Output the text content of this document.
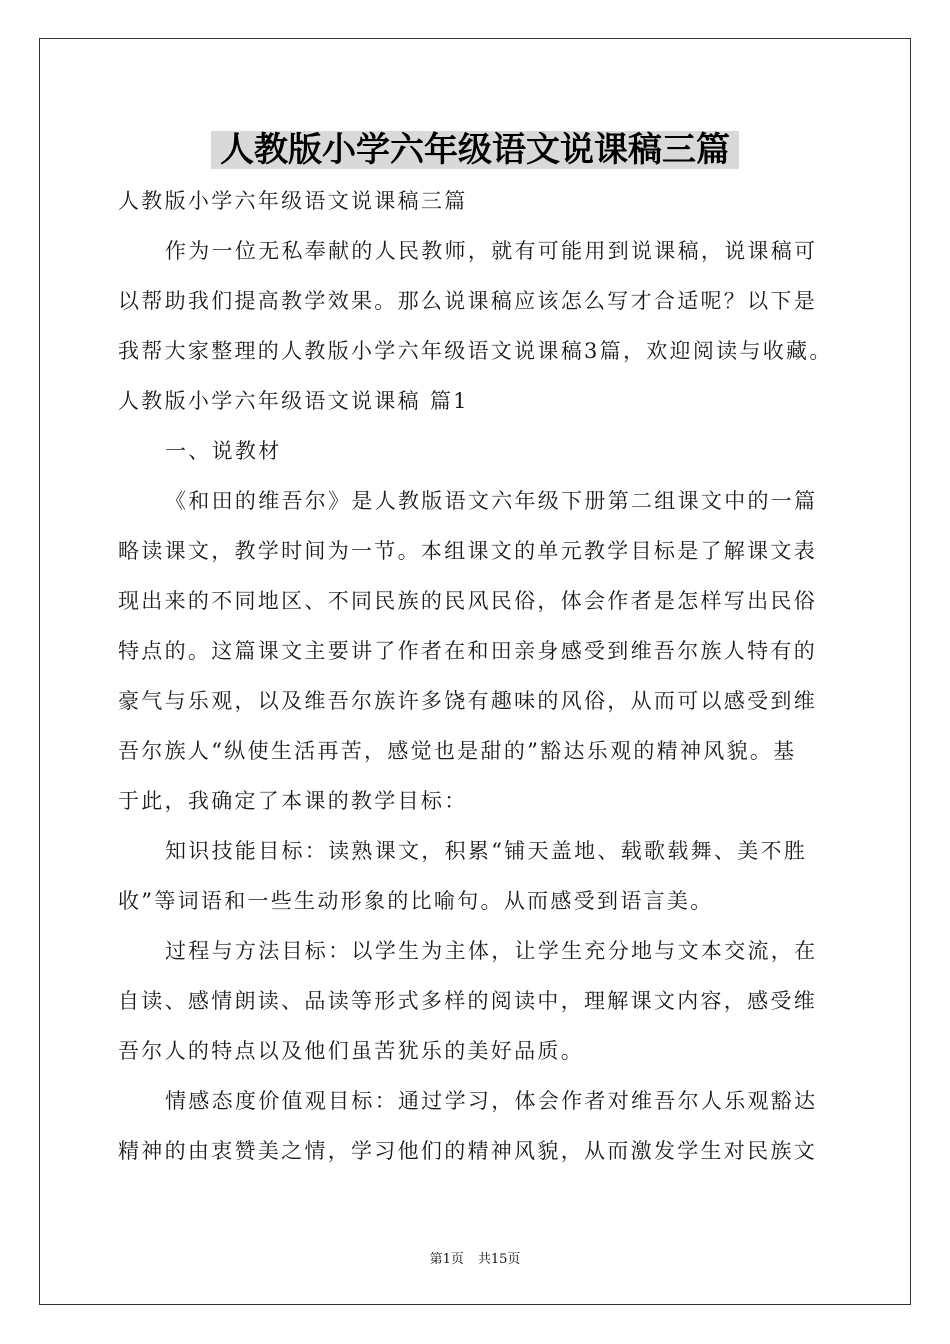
人教版小学六年级语文说课稿三篇
人教版小学六年级语文说课稿三篇
作为一位无私奉献的人民教师，就有可能用到说课稿，说课稿可
以帮助我们提高教学效果。那么说课稿应该怎么写才合适呢？以下是
我帮大家整理的人教版小学六年级语文说课稿3篇，欢迎阅读与收藏。
人教版小学六年级语文说课稿 篇1
一、说教材
《和田的维吾尔》是人教版语文六年级下册第二组课文中的一篇
略读课文，教学时间为一节。本组课文的单元教学目标是了解课文表
现出来的不同地区、不同民族的民风民俗，体会作者是怎样写出民俗
特点的。这篇课文主要讲了作者在和田亲身感受到维吾尔族人特有的
豪气与乐观，以及维吾尔族许多饶有趣味的风俗，从而可以感受到维
吾尔族人“纵使生活再苦，感觉也是甜的”豁达乐观的精神风貌。基
于此，我确定了本课的教学目标：
知识技能目标：读熟课文，积累“铺天盖地、载歌载舞、美不胜
收”等词语和一些生动形象的比喻句。从而感受到语言美。
过程与方法目标：以学生为主体，让学生充分地与文本交流，在
自读、感情朗读、品读等形式多样的阅读中，理解课文内容，感受维
吾尔人的特点以及他们虽苦犹乐的美好品质。
情感态度价值观目标：通过学习，体会作者对维吾尔人乐观豁达
精神的由衷赞美之情，学习他们的精神风貌，从而激发学生对民族文
第1页 共15页
